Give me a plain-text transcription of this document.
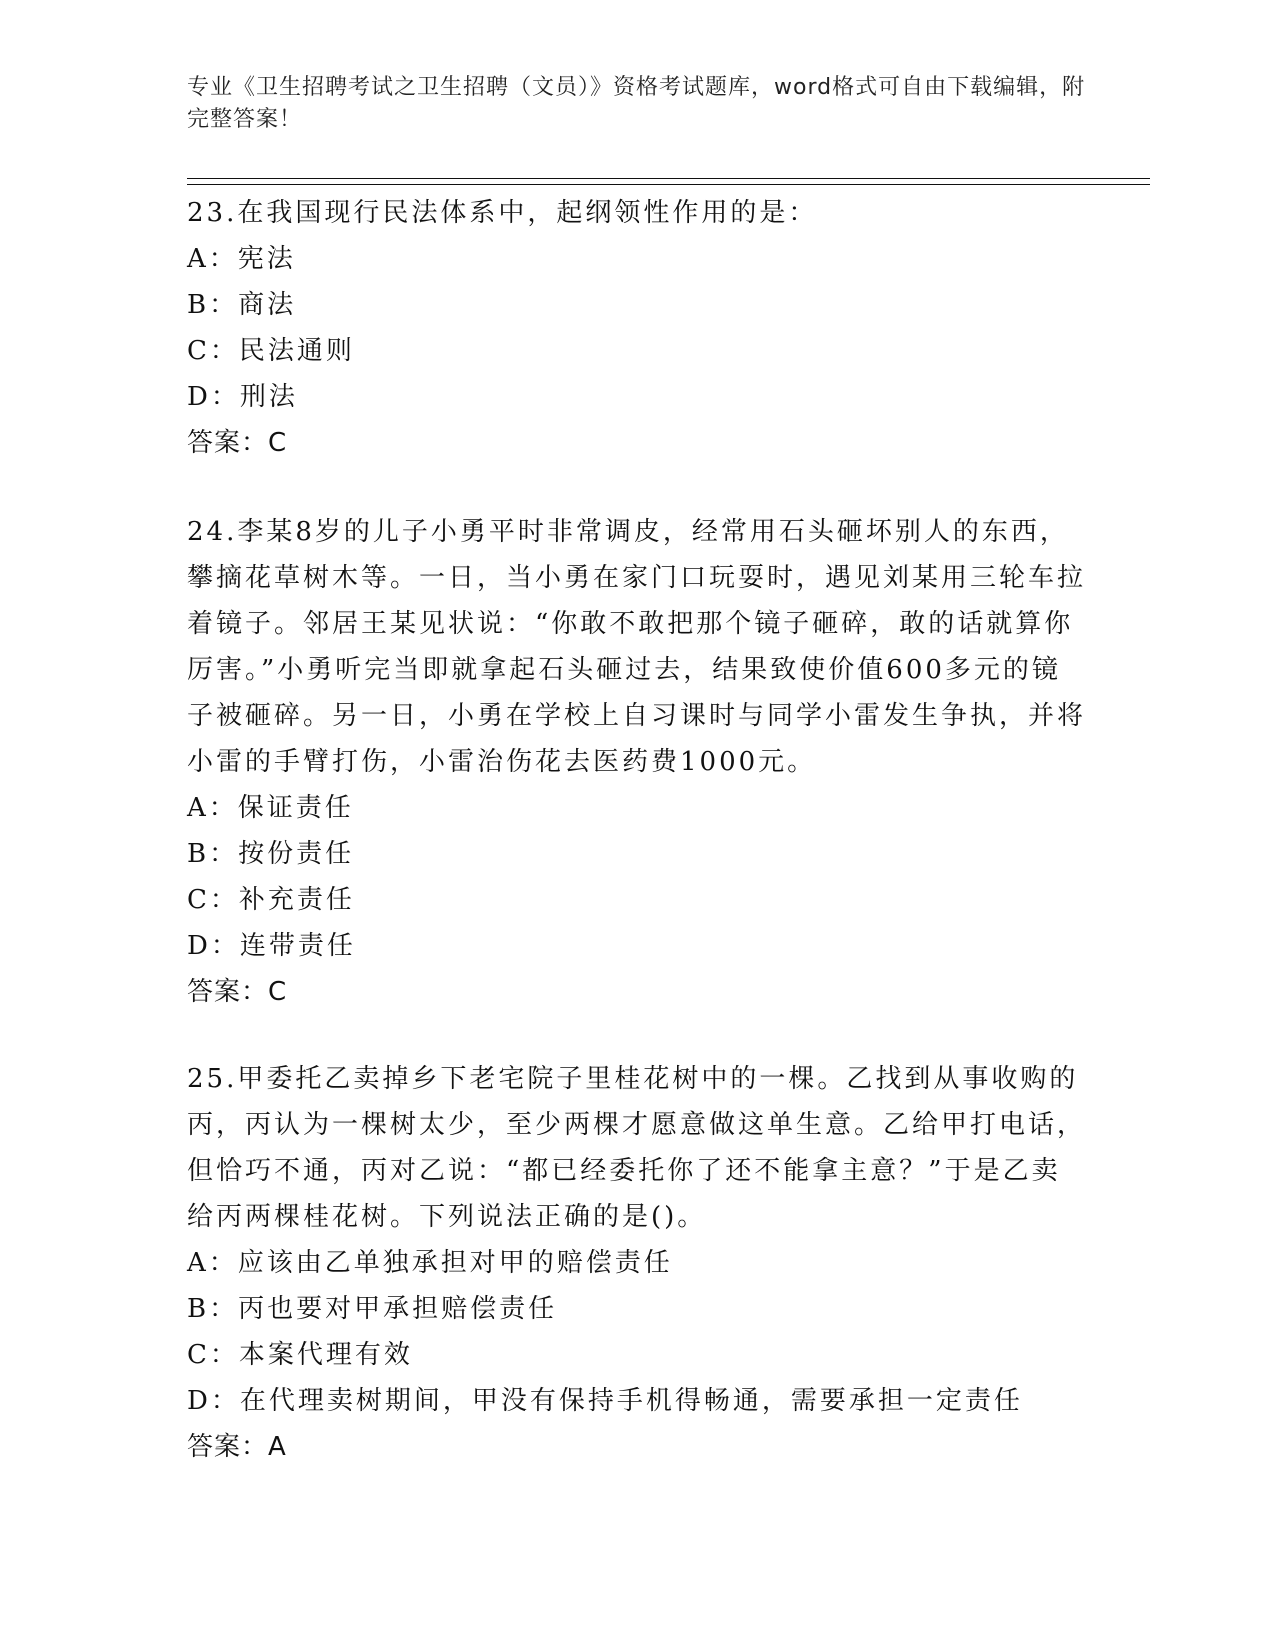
专业《卫生招聘考试之卫生招聘（文员）》资格考试题库，word格式可自由下载编辑，附完整答案！

23.在我国现行民法体系中，起纲领性作用的是：

A：宪法

B：商法

C：民法通则

D：刑法

答案：C

24.李某8岁的儿子小勇平时非常调皮，经常用石头砸坏别人的东西，攀摘花草树木等。一日，当小勇在家门口玩耍时，遇见刘某用三轮车拉着镜子。邻居王某见状说：“你敢不敢把那个镜子砸碎，敢的话就算你厉害。”小勇听完当即就拿起石头砸过去，结果致使价值600多元的镜子被砸碎。另一日，小勇在学校上自习课时与同学小雷发生争执，并将小雷的手臂打伤，小雷治伤花去医药费1000元。

A：保证责任

B：按份责任

C：补充责任

D：连带责任

答案：C

25.甲委托乙卖掉乡下老宅院子里桂花树中的一棵。乙找到从事收购的丙，丙认为一棵树太少，至少两棵才愿意做这单生意。乙给甲打电话，但恰巧不通，丙对乙说：“都已经委托你了还不能拿主意？”于是乙卖给丙两棵桂花树。下列说法正确的是()。

A：应该由乙单独承担对甲的赔偿责任

B：丙也要对甲承担赔偿责任

C：本案代理有效

D：在代理卖树期间，甲没有保持手机得畅通，需要承担一定责任

答案：A
